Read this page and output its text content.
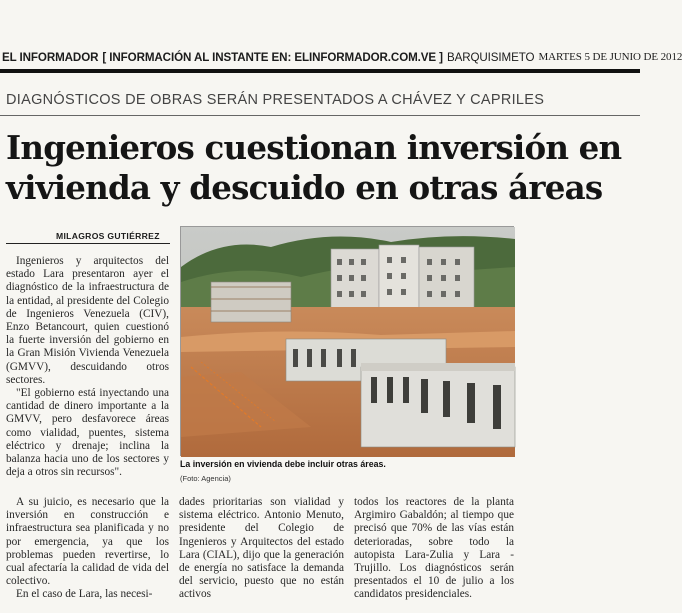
EL INFORMADOR [ INFORMACIÓN AL INSTANTE EN: ELINFORMADOR.COM.VE ] BARQUISIMETO MARTES 5 DE JUNIO DE 2012
DIAGNÓSTICOS DE OBRAS SERÁN PRESENTADOS A CHÁVEZ Y CAPRILES
Ingenieros cuestionan inversión en vivienda y descuido en otras áreas
MILAGROS GUTIÉRREZ

Ingenieros y arquitectos del estado Lara presentaron ayer el diagnóstico de la infraestructura de la entidad, al presidente del Colegio de Ingenieros Venezuela (CIV), Enzo Betancourt, quien cuestionó la fuerte inversión del gobierno en la Gran Misión Vivienda Venezuela (GMVV), descuidando otros sectores.

"El gobierno está inyectando una cantidad de dinero importante a la GMVV, pero desfavorece áreas como vialidad, puentes, sistema eléctrico y drenaje; inclina la balanza hacia uno de los sectores y deja a otros sin recursos".

La inversión en vivienda debe incluir otras áreas.
(Foto: Agencia)

A su juicio, es necesario que la inversión en construcción e infraestructura sea planificada y no por emergencia, ya que los problemas pueden revertirse, lo cual afectaría la calidad de vida del colectivo.

En el caso de Lara, las necesi-

dades prioritarias son vialidad y sistema eléctrico. Antonio Menuto, presidente del Colegio de Ingenieros y Arquitectos del estado Lara (CIAL), dijo que la generación de energía no satisface la demanda del servicio, puesto que no están activos

todos los reactores de la planta Argimiro Gabaldón; al tiempo que precisó que 70% de las vías están deterioradas, sobre todo la autopista Lara-Zulia y Lara -Trujillo. Los diagnósticos serán presentados el 10 de julio a los candidatos presidenciales.
